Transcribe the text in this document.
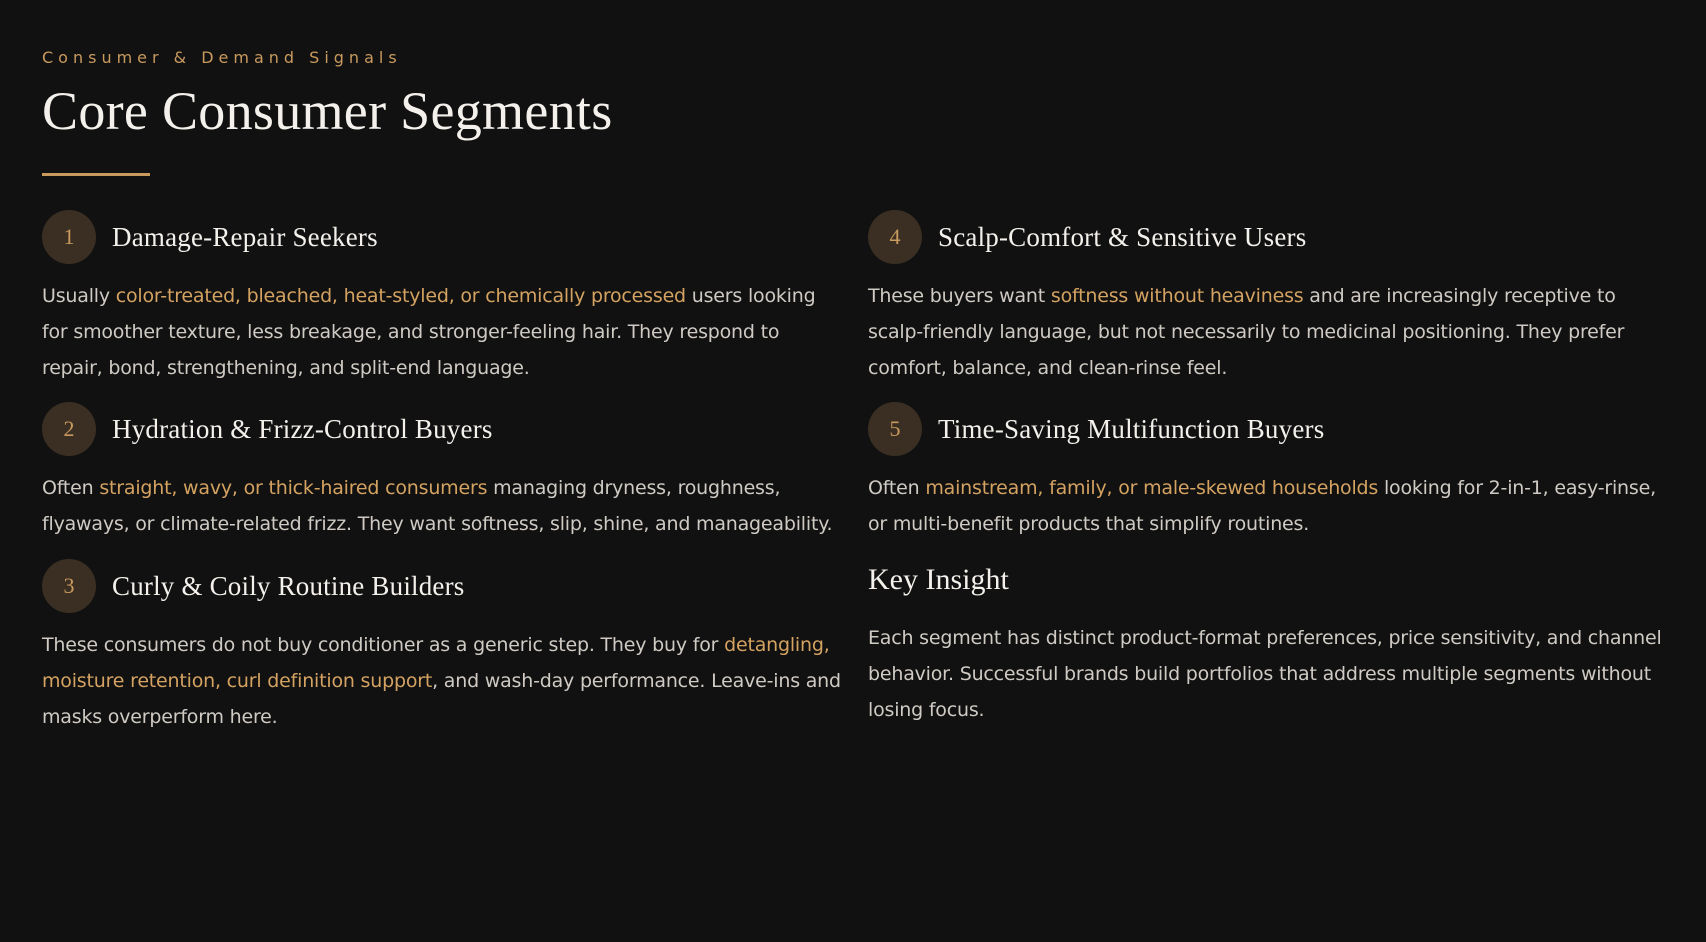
Consumer & Demand Signals
Core Consumer Segments
1	Damage-Repair Seekers
Usually color-treated, bleached, heat-styled, or chemically processed users looking for smoother texture, less breakage, and stronger-feeling hair. They respond to repair, bond, strengthening, and split-end language.
2	Hydration & Frizz-Control Buyers
Often straight, wavy, or thick-haired consumers managing dryness, roughness, flyaways, or climate-related frizz. They want softness, slip, shine, and manageability.
3	Curly & Coily Routine Builders
These consumers do not buy conditioner as a generic step. They buy for detangling, moisture retention, curl definition support, and wash-day performance. Leave-ins and masks overperform here.
4	Scalp-Comfort & Sensitive Users
These buyers want softness without heaviness and are increasingly receptive to scalp-friendly language, but not necessarily to medicinal positioning. They prefer comfort, balance, and clean-rinse feel.
5	Time-Saving Multifunction Buyers
Often mainstream, family, or male-skewed households looking for 2-in-1, easy-rinse, or multi-benefit products that simplify routines.
Key Insight
Each segment has distinct product-format preferences, price sensitivity, and channel behavior. Successful brands build portfolios that address multiple segments without losing focus.
